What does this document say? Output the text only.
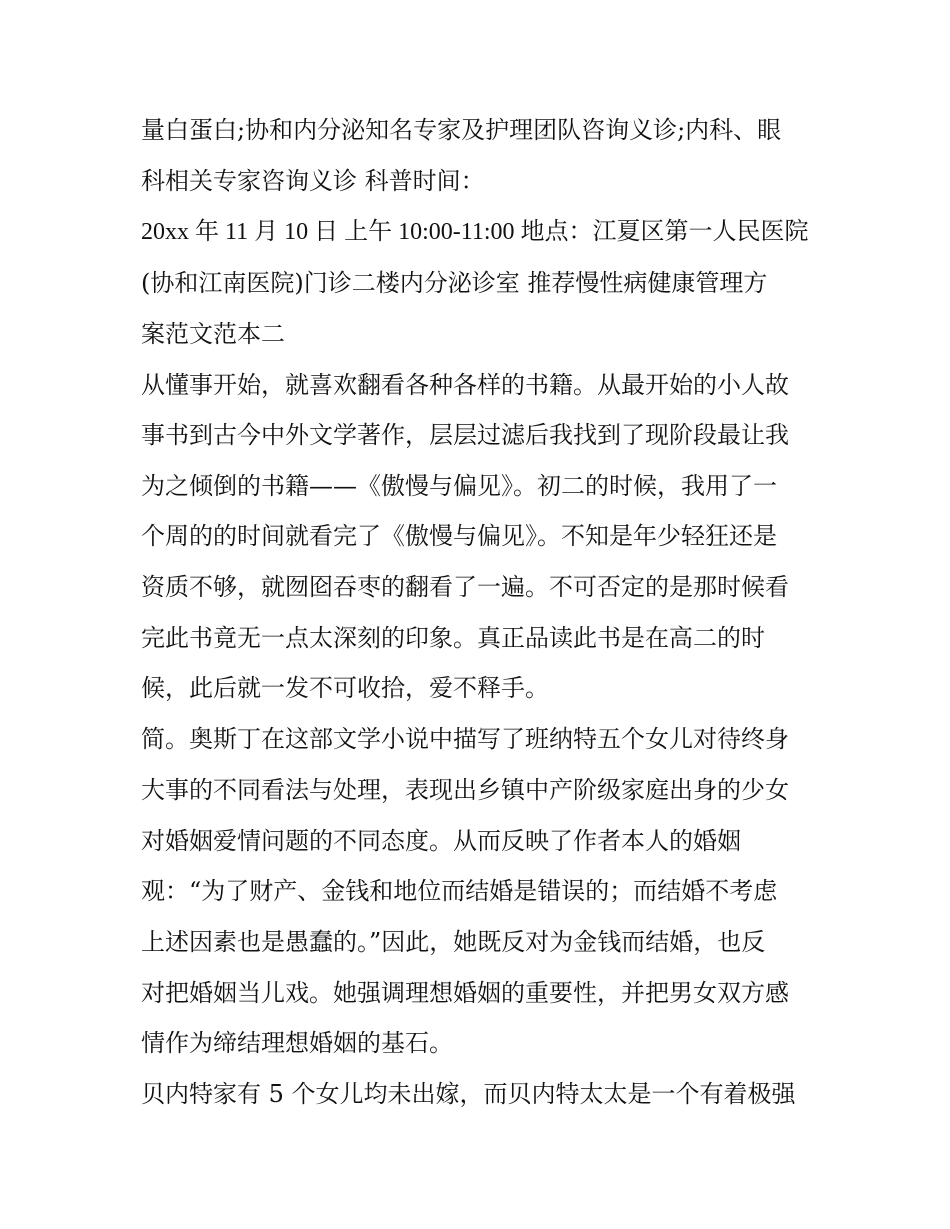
量白蛋白;协和内分泌知名专家及护理团队咨询义诊;内科、眼
科相关专家咨询义诊 科普时间：
20xx 年 11 月 10 日 上午 10:00-11:00 地点：江夏区第一人民医院
(协和江南医院)门诊二楼内分泌诊室 推荐慢性病健康管理方
案范文范本二
从懂事开始，就喜欢翻看各种各样的书籍。从最开始的小人故
事书到古今中外文学著作，层层过滤后我找到了现阶段最让我
为之倾倒的书籍——《傲慢与偏见》。初二的时候，我用了一
个周的的时间就看完了《傲慢与偏见》。不知是年少轻狂还是
资质不够，就囫囵吞枣的翻看了一遍。不可否定的是那时候看
完此书竟无一点太深刻的印象。真正品读此书是在高二的时
候，此后就一发不可收拾，爱不释手。
简。奥斯丁在这部文学小说中描写了班纳特五个女儿对待终身
大事的不同看法与处理，表现出乡镇中产阶级家庭出身的少女
对婚姻爱情问题的不同态度。从而反映了作者本人的婚姻
观：“为了财产、金钱和地位而结婚是错误的；而结婚不考虑
上述因素也是愚蠢的。”因此，她既反对为金钱而结婚，也反
对把婚姻当儿戏。她强调理想婚姻的重要性，并把男女双方感
情作为缔结理想婚姻的基石。
贝内特家有 5 个女儿均未出嫁，而贝内特太太是一个有着极强
